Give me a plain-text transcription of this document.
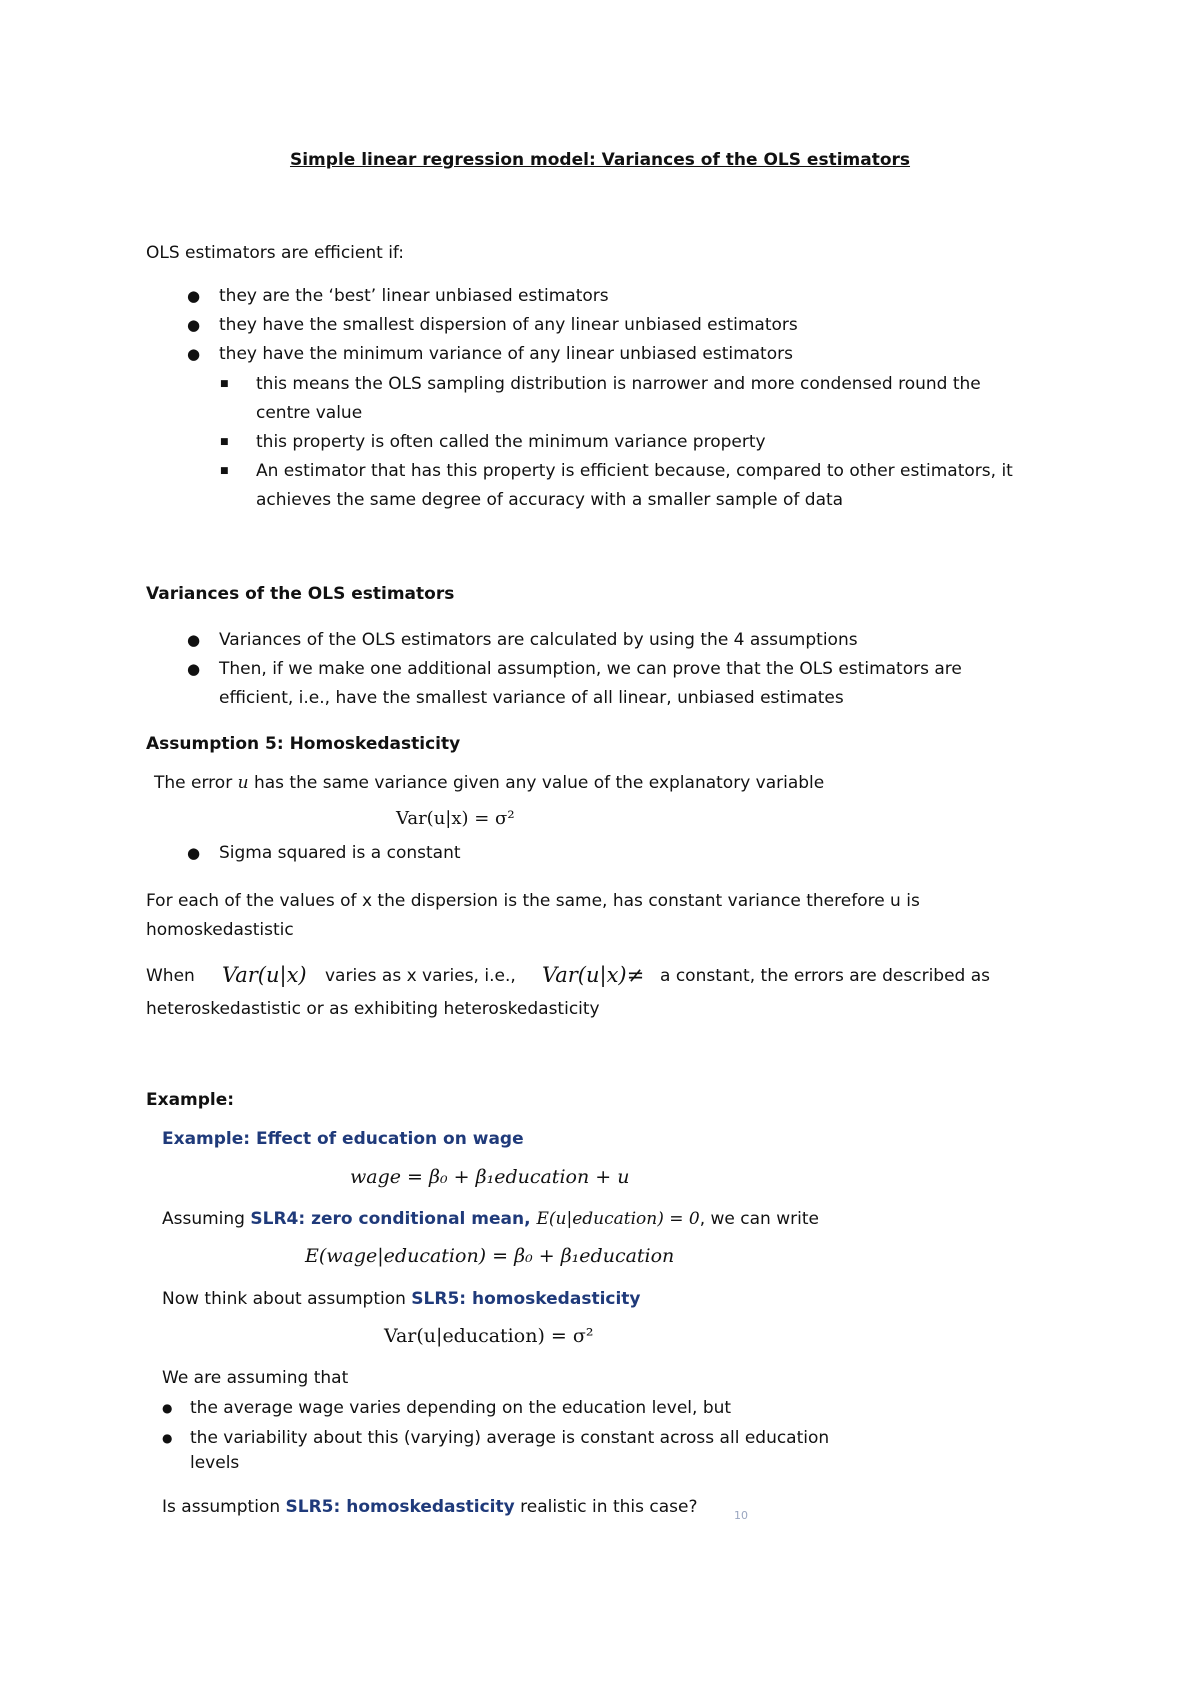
Simple linear regression model: Variances of the OLS estimators
OLS estimators are efficient if:
● they are the ‘best’ linear unbiased estimators
● they have the smallest dispersion of any linear unbiased estimators
● they have the minimum variance of any linear unbiased estimators
■ this means the OLS sampling distribution is narrower and more condensed round the
centre value
■ this property is often called the minimum variance property
■ An estimator that has this property is efficient because, compared to other estimators, it
achieves the same degree of accuracy with a smaller sample of data
Variances of the OLS estimators
● Variances of the OLS estimators are calculated by using the 4 assumptions
● Then, if we make one additional assumption, we can prove that the OLS estimators are
efficient, i.e., have the smallest variance of all linear, unbiased estimates
Assumption 5: Homoskedasticity
The error u has the same variance given any value of the explanatory variable
Var(u|x) = σ²
● Sigma squared is a constant
For each of the values of x the dispersion is the same, has constant variance therefore u is
homoskedastistic
When Var(u|x) varies as x varies, i.e., Var(u|x)≠ a constant, the errors are described as
heteroskedastistic or as exhibiting heteroskedasticity
Example:
Example: Effect of education on wage
wage = β₀ + β₁education + u
Assuming SLR4: zero conditional mean, E(u|education) = 0, we can write
E(wage|education) = β₀ + β₁education
Now think about assumption SLR5: homoskedasticity
Var(u|education) = σ²
We are assuming that
● the average wage varies depending on the education level, but
● the variability about this (varying) average is constant across all education
levels
Is assumption SLR5: homoskedasticity realistic in this case?	10
